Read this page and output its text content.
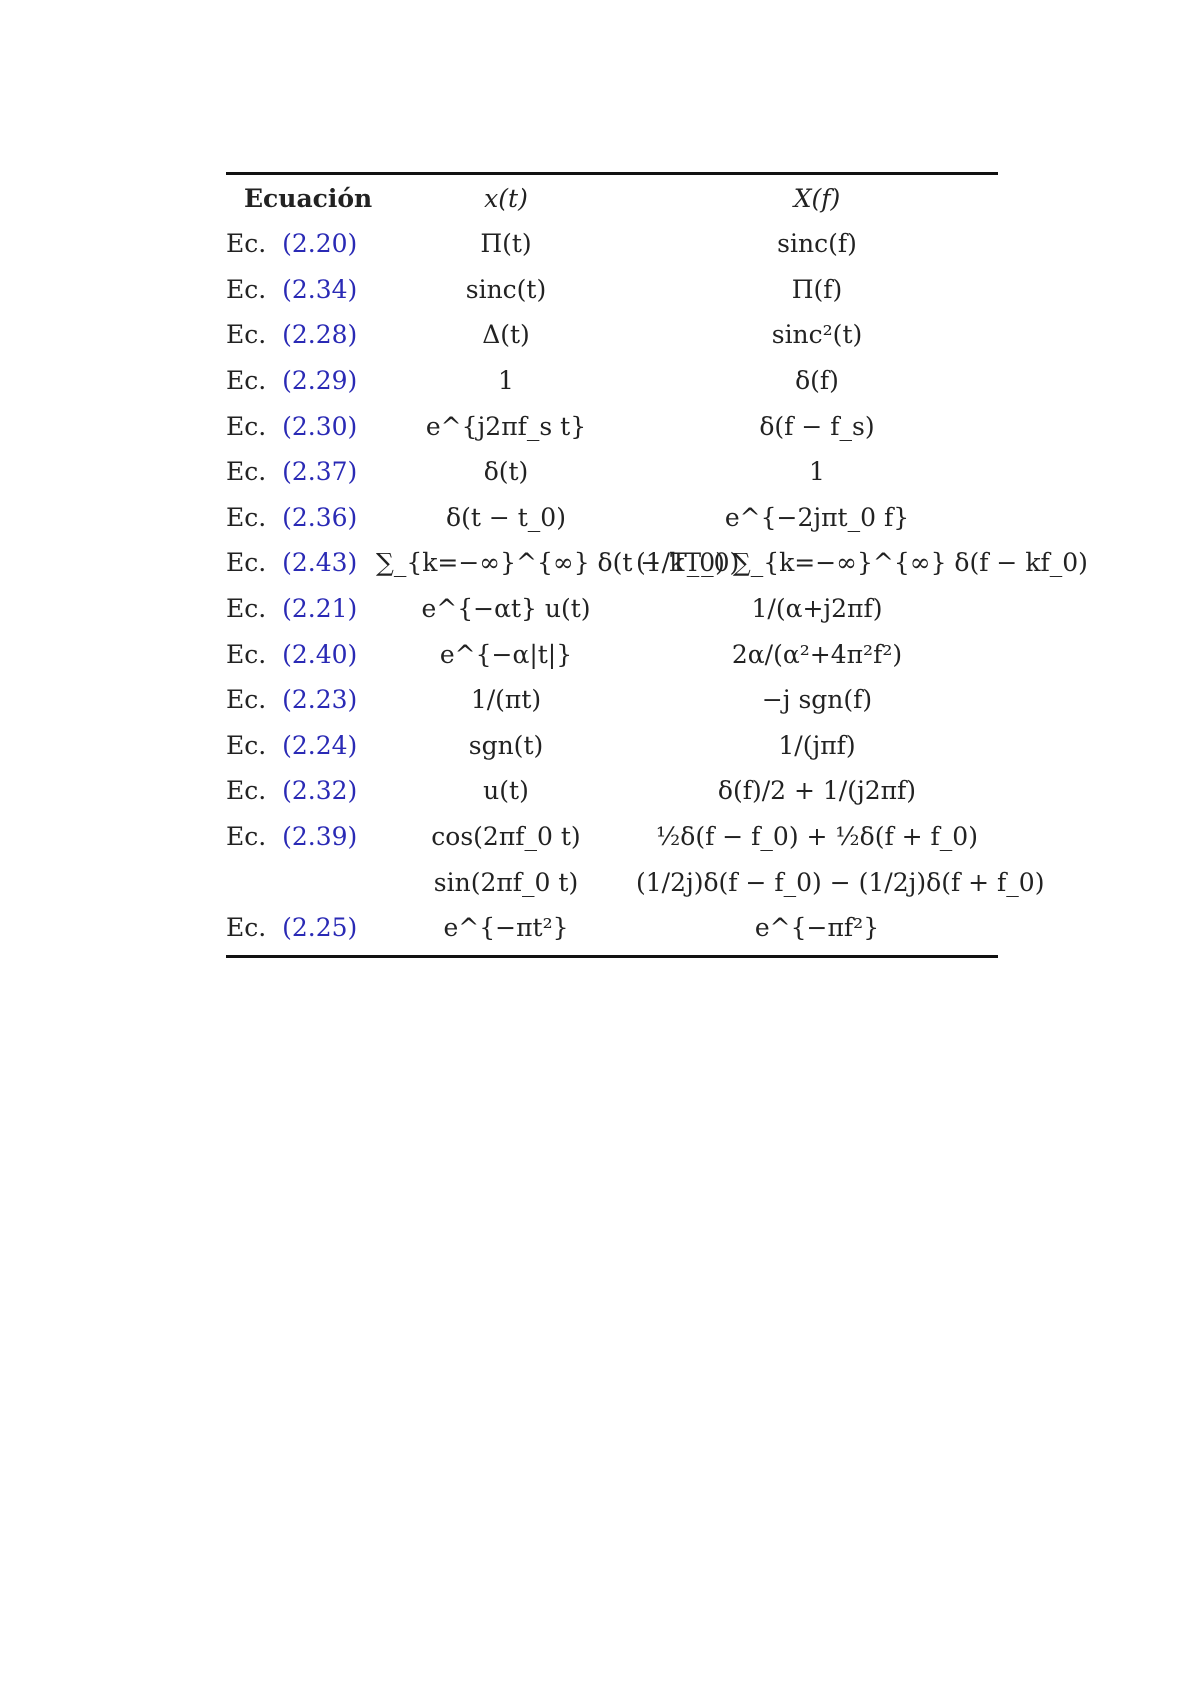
Ecuación	x(t)	X(f)
Ec. (2.20)	Π(t)	sinc(f)
Ec. (2.34)	sinc(t)	Π(f)
Ec. (2.28)	Δ(t)	sinc²(t)
Ec. (2.29)	1	δ(f)
Ec. (2.30)	e^{j2πf_s t}	δ(f − f_s)
Ec. (2.37)	δ(t)	1
Ec. (2.36)	δ(t − t_0)	e^{−2jπt_0 f}
Ec. (2.43)	∑_{k=−∞}^{∞} δ(t − kT_0)	(1/T_0) ∑_{k=−∞}^{∞} δ(f − kf_0)
Ec. (2.21)	e^{−αt} u(t)	1/(α+j2πf)
Ec. (2.40)	e^{−α|t|}	2α/(α²+4π²f²)
Ec. (2.23)	1/(πt)	−j sgn(f)
Ec. (2.24)	sgn(t)	1/(jπf)
Ec. (2.32)	u(t)	δ(f)/2 + 1/(j2πf)
Ec. (2.39)	cos(2πf_0 t)	½δ(f − f_0) + ½δ(f + f_0)
	sin(2πf_0 t)	(1/2j)δ(f − f_0) − (1/2j)δ(f + f_0)
Ec. (2.25)	e^{−πt²}	e^{−πf²}
